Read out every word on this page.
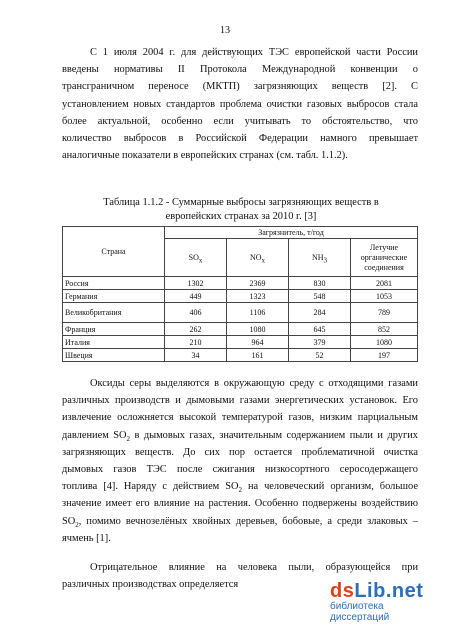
13
С 1 июля 2004 г. для действующих ТЭС европейской части России
введены нормативы II Протокола Международной конвенции о
трансграничном переносе (МКТП) загрязняющих веществ [2]. С
установлением новых стандартов проблема очистки газовых выбросов стала
более актуальной, особенно если учитывать то обстоятельство, что
количество выбросов в Российской Федерации намного превышает
аналогичные показатели в европейских странах (см. табл. 1.1.2).
Таблица 1.1.2 - Суммарные выбросы загрязняющих веществ в
европейских странах за 2010 г. [3]
Страна	Загрязнитель, т/год			
	$SO_x$	$NO_x$	$NH_3$	Летучие органические соединения
Россия	1302	2369	830	2081
Германия	449	1323	548	1053
Великобритания	406	1106	284	789
Франция	262	1080	645	852
Италия	210	964	379	1080
Швеция	34	161	52	197
Оксиды серы выделяются в окружающую среду с отходящими газами
различных производств и дымовыми газами энергетических установок. Его
извлечение осложняется высокой температурой газов, низким парциальным
давлением $SO_2$ в дымовых газах, значительным содержанием пыли и других
загрязняющих веществ. До сих пор остается проблематичной очистка
дымовых газов ТЭС после сжигания низкосортного серосодержащего
топлива [4]. Наряду с действием $SO_2$ на человеческий организм, большое
значение имеет его влияние на растения. Особенно подвержены воздействию
$SO_2$, помимо вечнозелёных хвойных деревьев, бобовые, а среди злаковых –
ячмень [1].
Отрицательное влияние на человека пыли, образующейся при
различных производствах определяется	dsLib.net
библиотека диссертаций
